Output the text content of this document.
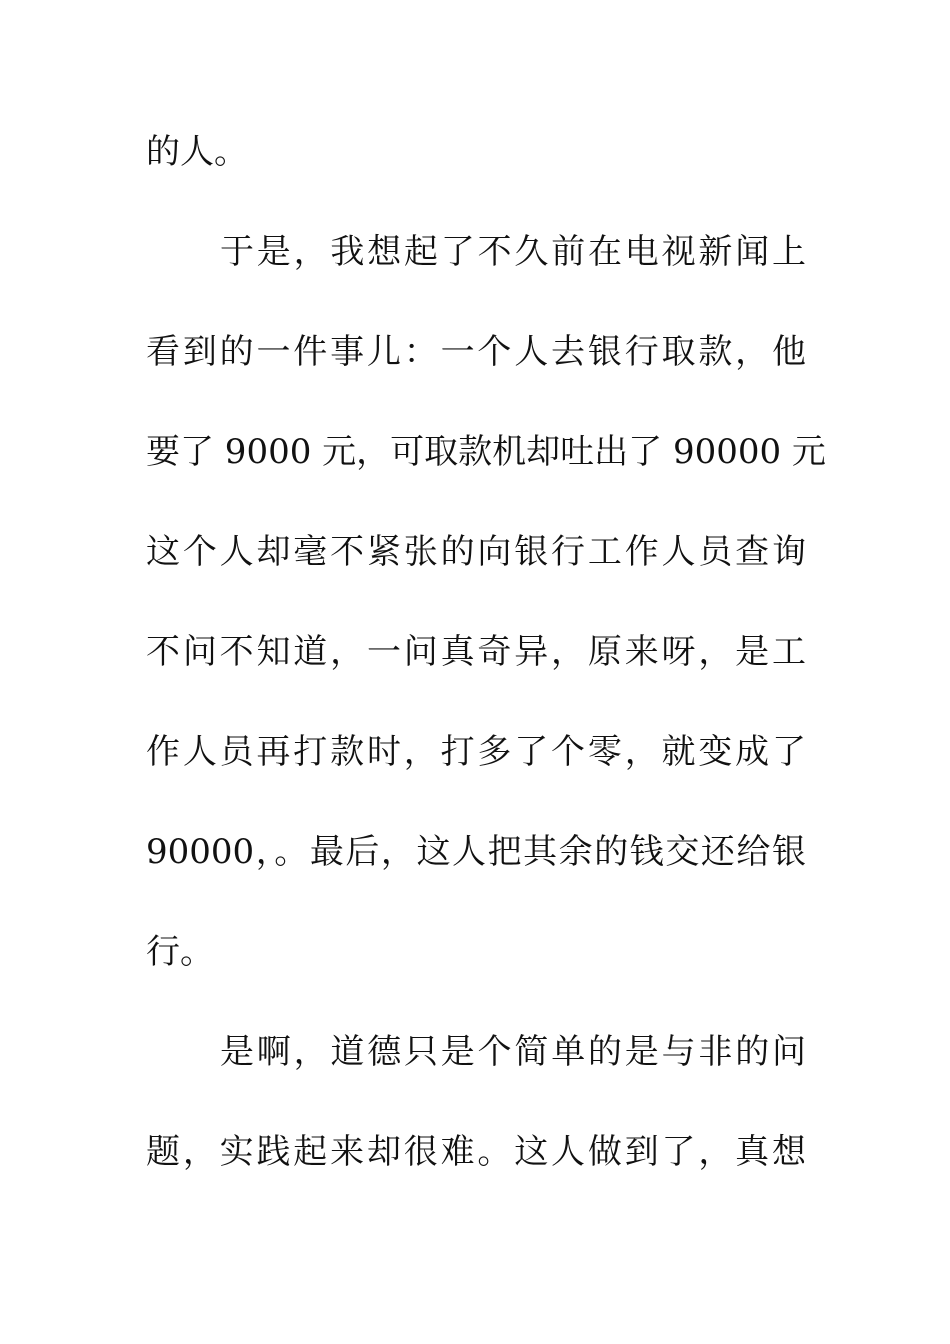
的人。
于是，我想起了不久前在电视新闻上
看到的一件事儿：一个人去银行取款，他
要了 9000 元，可取款机却吐出了 90000 元
这个人却毫不紧张的向银行工作人员查询
不问不知道，一问真奇异，原来呀，是工
作人员再打款时，打多了个零，就变成了
90000，。最后，这人把其余的钱交还给银
行。
是啊，道德只是个简单的是与非的问
题，实践起来却很难。这人做到了，真想
